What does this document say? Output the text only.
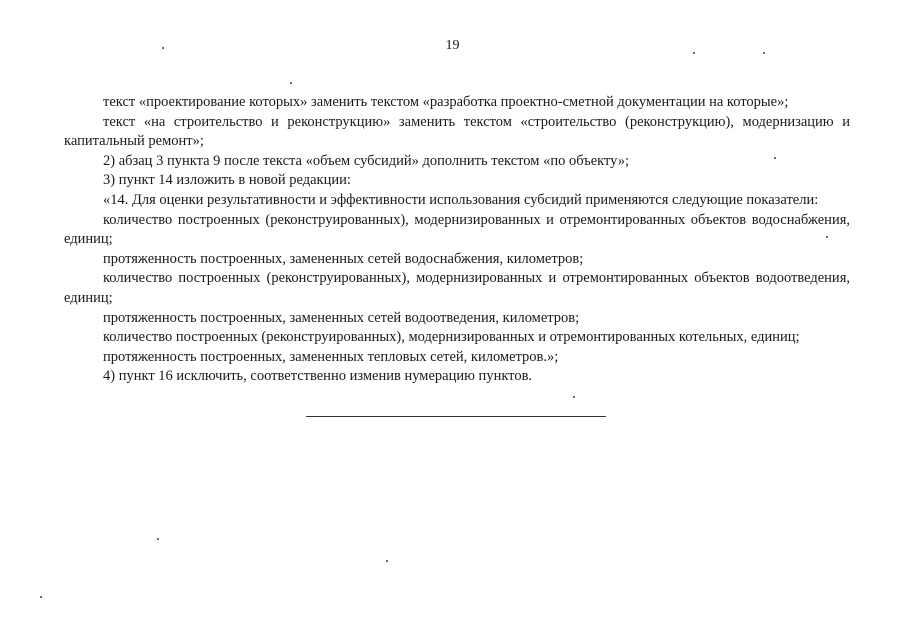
19

текст «проектирование которых» заменить текстом «разработка проектно-сметной документации на которые»;

текст «на строительство и реконструкцию» заменить текстом «строительство (реконструкцию), модернизацию и капитальный ремонт»;

2) абзац 3 пункта 9 после текста «объем субсидий» дополнить текстом «по объекту»;

3) пункт 14 изложить в новой редакции:

«14. Для оценки результативности и эффективности использования субсидий применяются следующие показатели:

количество построенных (реконструированных), модернизированных и отремонтированных объектов водоснабжения, единиц;

протяженность построенных, замененных сетей водоснабжения, километров;

количество построенных (реконструированных), модернизированных и отремонтированных объектов водоотведения, единиц;

протяженность построенных, замененных сетей водоотведения, километров;

количество построенных (реконструированных), модернизированных и отремонтированных котельных, единиц;

протяженность построенных, замененных тепловых сетей, километров.»;

4) пункт 16 исключить, соответственно изменив нумерацию пунктов.
